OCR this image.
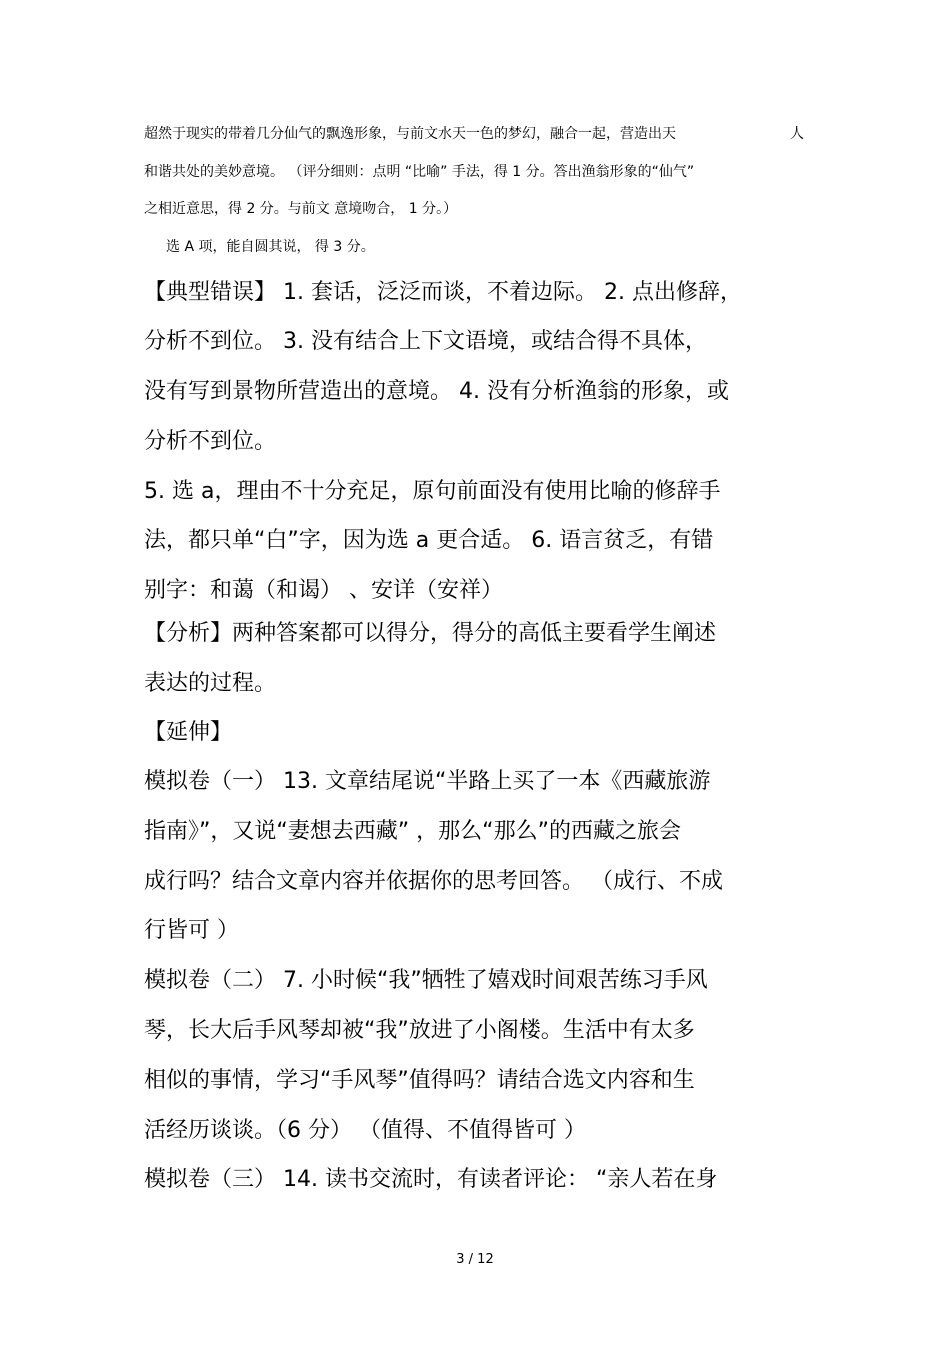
超然于现实的带着几分仙气的飘逸形象，与前文水天一色的梦幻，融合一起，营造出天	人
和谐共处的美妙意境。 （评分细则：点明 “比喻” 手法，得 1 分。答出渔翁形象的“仙气”
之相近意思，得 2 分。与前文 意境吻合， 1 分。）
选 A 项，能自圆其说， 得 3 分。
【典型错误】 1. 套话，泛泛而谈，不着边际。 2. 点出修辞，
分析不到位。 3. 没有结合上下文语境，或结合得不具体，
没有写到景物所营造出的意境。 4. 没有分析渔翁的形象，或
分析不到位。
5. 选 a，理由不十分充足，原句前面没有使用比喻的修辞手
法，都只单“白”字，因为选 a 更合适。 6. 语言贫乏，有错
别字：和蔼（和谒） 、安详（安祥）
【分析】两种答案都可以得分，得分的高低主要看学生阐述
表达的过程。
【延伸】
模拟卷（一） 13. 文章结尾说“半路上买了一本《西藏旅游
指南》”，又说“妻想去西藏” ，那么“那么”的西藏之旅会
成行吗？结合文章内容并依据你的思考回答。 （成行、不成
行皆可 ）
模拟卷（二） 7. 小时候“我”牺牲了嬉戏时间艰苦练习手风
琴，长大后手风琴却被“我”放进了小阁楼。生活中有太多
相似的事情，学习“手风琴”值得吗？请结合选文内容和生
活经历谈谈。（6 分） （值得、不值得皆可 ）
模拟卷（三） 14. 读书交流时，有读者评论： “亲人若在身
3 / 12
